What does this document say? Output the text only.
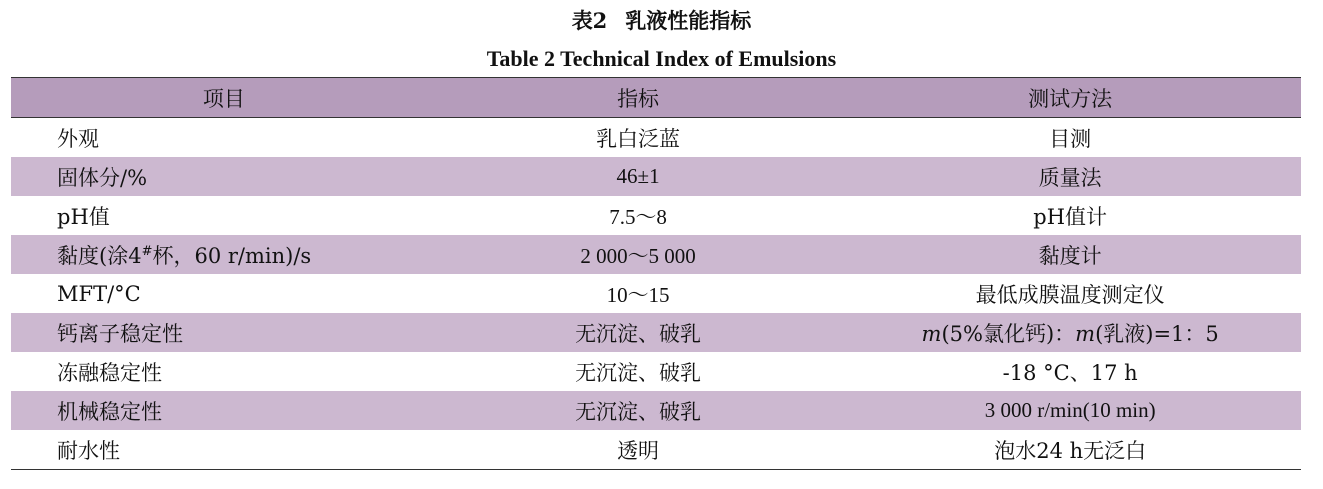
表2 乳液性能指标
Table 2 Technical Index of Emulsions
项目	指标	测试方法
外观	乳白泛蓝	目测
固体分/%	46±1	质量法
pH值	7.5～8	pH值计
黏度(涂4#杯，60 r/min)/s	2 000～5 000	黏度计
MFT/°C	10～15	最低成膜温度测定仪
钙离子稳定性	无沉淀、破乳	m(5%氯化钙)：m(乳液)=1：5
冻融稳定性	无沉淀、破乳	-18 °C、17 h
机械稳定性	无沉淀、破乳	3 000 r/min(10 min)
耐水性	透明	泡水24 h无泛白
